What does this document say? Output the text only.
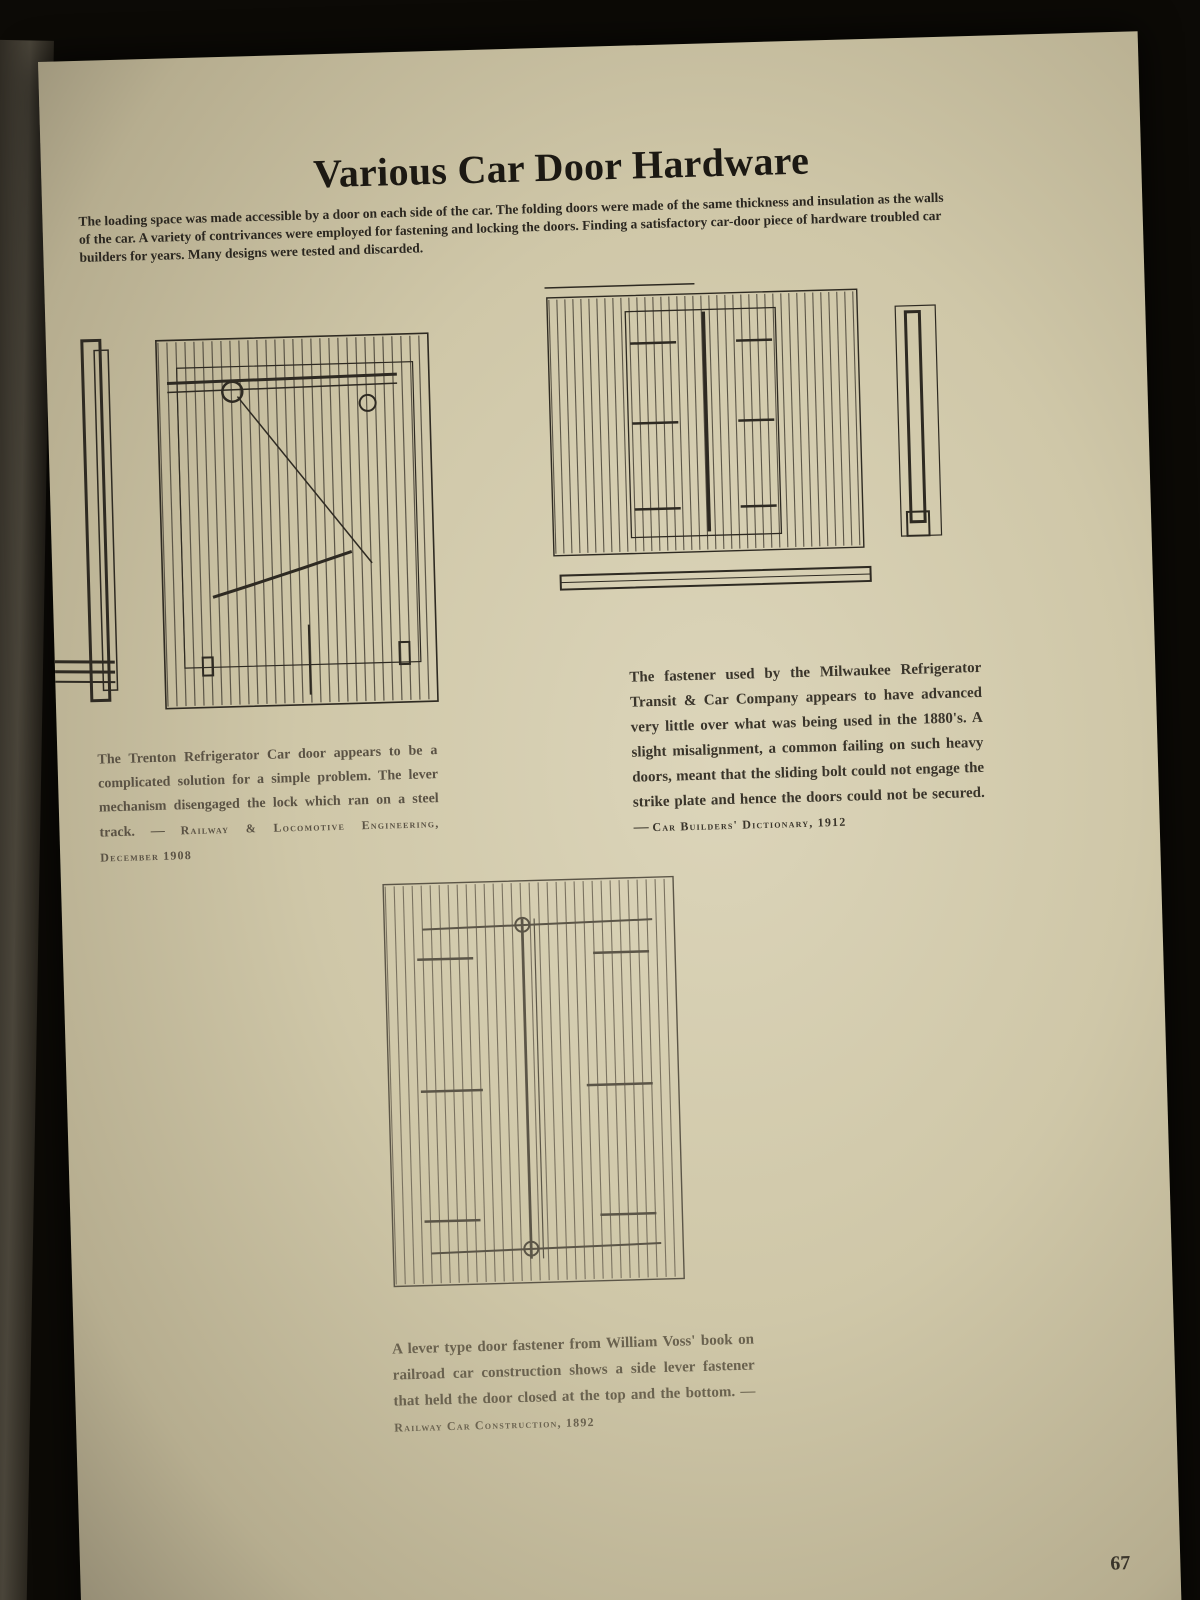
Various Car Door Hardware
The loading space was made accessible by a door on each side of the car. The folding doors were made of the same thickness and insulation as the walls of the car. A variety of contrivances were employed for fastening and locking the doors. Finding a satisfactory car-door piece of hardware troubled car builders for years. Many designs were tested and discarded.
The Trenton Refrigerator Car door appears to be a complicated solution for a simple problem. The lever mechanism disengaged the lock which ran on a steel track. — Railway & Locomotive Engineering, December 1908
The fastener used by the Milwaukee Refrigerator Transit & Car Company appears to have advanced very little over what was being used in the 1880's. A slight misalignment, a common failing on such heavy doors, meant that the sliding bolt could not engage the strike plate and hence the doors could not be secured. — Car Builders' Dictionary, 1912
A lever type door fastener from William Voss' book on railroad car construction shows a side lever fastener that held the door closed at the top and the bottom. — Railway Car Construction, 1892
67
